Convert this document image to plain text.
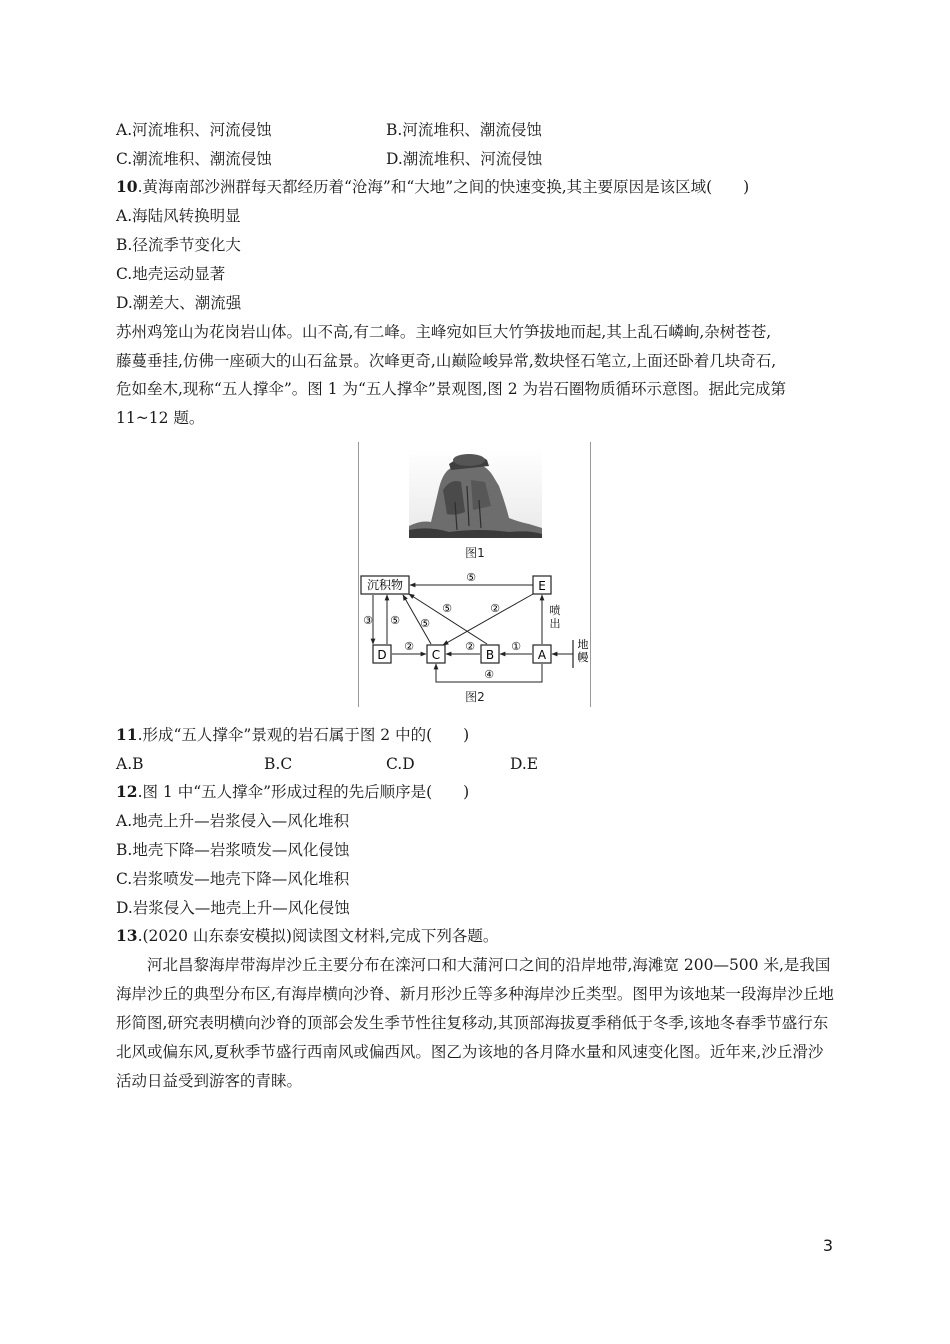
A.河流堆积、河流侵蚀	B.河流堆积、潮流侵蚀
C.潮流堆积、潮流侵蚀	D.潮流堆积、河流侵蚀
10.黄海南部沙洲群每天都经历着“沧海”和“大地”之间的快速变换,其主要原因是该区域(　　)
A.海陆风转换明显
B.径流季节变化大
C.地壳运动显著
D.潮差大、潮流强
苏州鸡笼山为花岗岩山体。山不高,有二峰。主峰宛如巨大竹笋拔地而起,其上乱石嶙峋,杂树苍苍,
藤蔓垂挂,仿佛一座硕大的山石盆景。次峰更奇,山巅险峻异常,数块怪石笔立,上面还卧着几块奇石,
危如垒木,现称“五人撑伞”。图 1 为“五人撑伞”景观图,图 2 为岩石圈物质循环示意图。据此完成第
11~12 题。
图1
沉积物	E
D	C	B	A
⑤
③ ⑤ ⑤
⑤	②
②	②	①
喷出
④
地幔
图2
11.形成“五人撑伞”景观的岩石属于图 2 中的(　　)
A.B	B.C	C.D	D.E
12.图 1 中“五人撑伞”形成过程的先后顺序是(　　)
A.地壳上升—岩浆侵入—风化堆积
B.地壳下降—岩浆喷发—风化侵蚀
C.岩浆喷发—地壳下降—风化堆积
D.岩浆侵入—地壳上升—风化侵蚀
13.(2020 山东泰安模拟)阅读图文材料,完成下列各题。
河北昌黎海岸带海岸沙丘主要分布在滦河口和大蒲河口之间的沿岸地带,海滩宽 200—500 米,是我国海岸沙丘的典型分布区,有海岸横向沙脊、新月形沙丘等多种海岸沙丘类型。图甲为该地某一段海岸沙丘地形简图,研究表明横向沙脊的顶部会发生季节性往复移动,其顶部海拔夏季稍低于冬季,该地冬春季节盛行东北风或偏东风,夏秋季节盛行西南风或偏西风。图乙为该地的各月降水量和风速变化图。近年来,沙丘滑沙活动日益受到游客的青睐。
3
